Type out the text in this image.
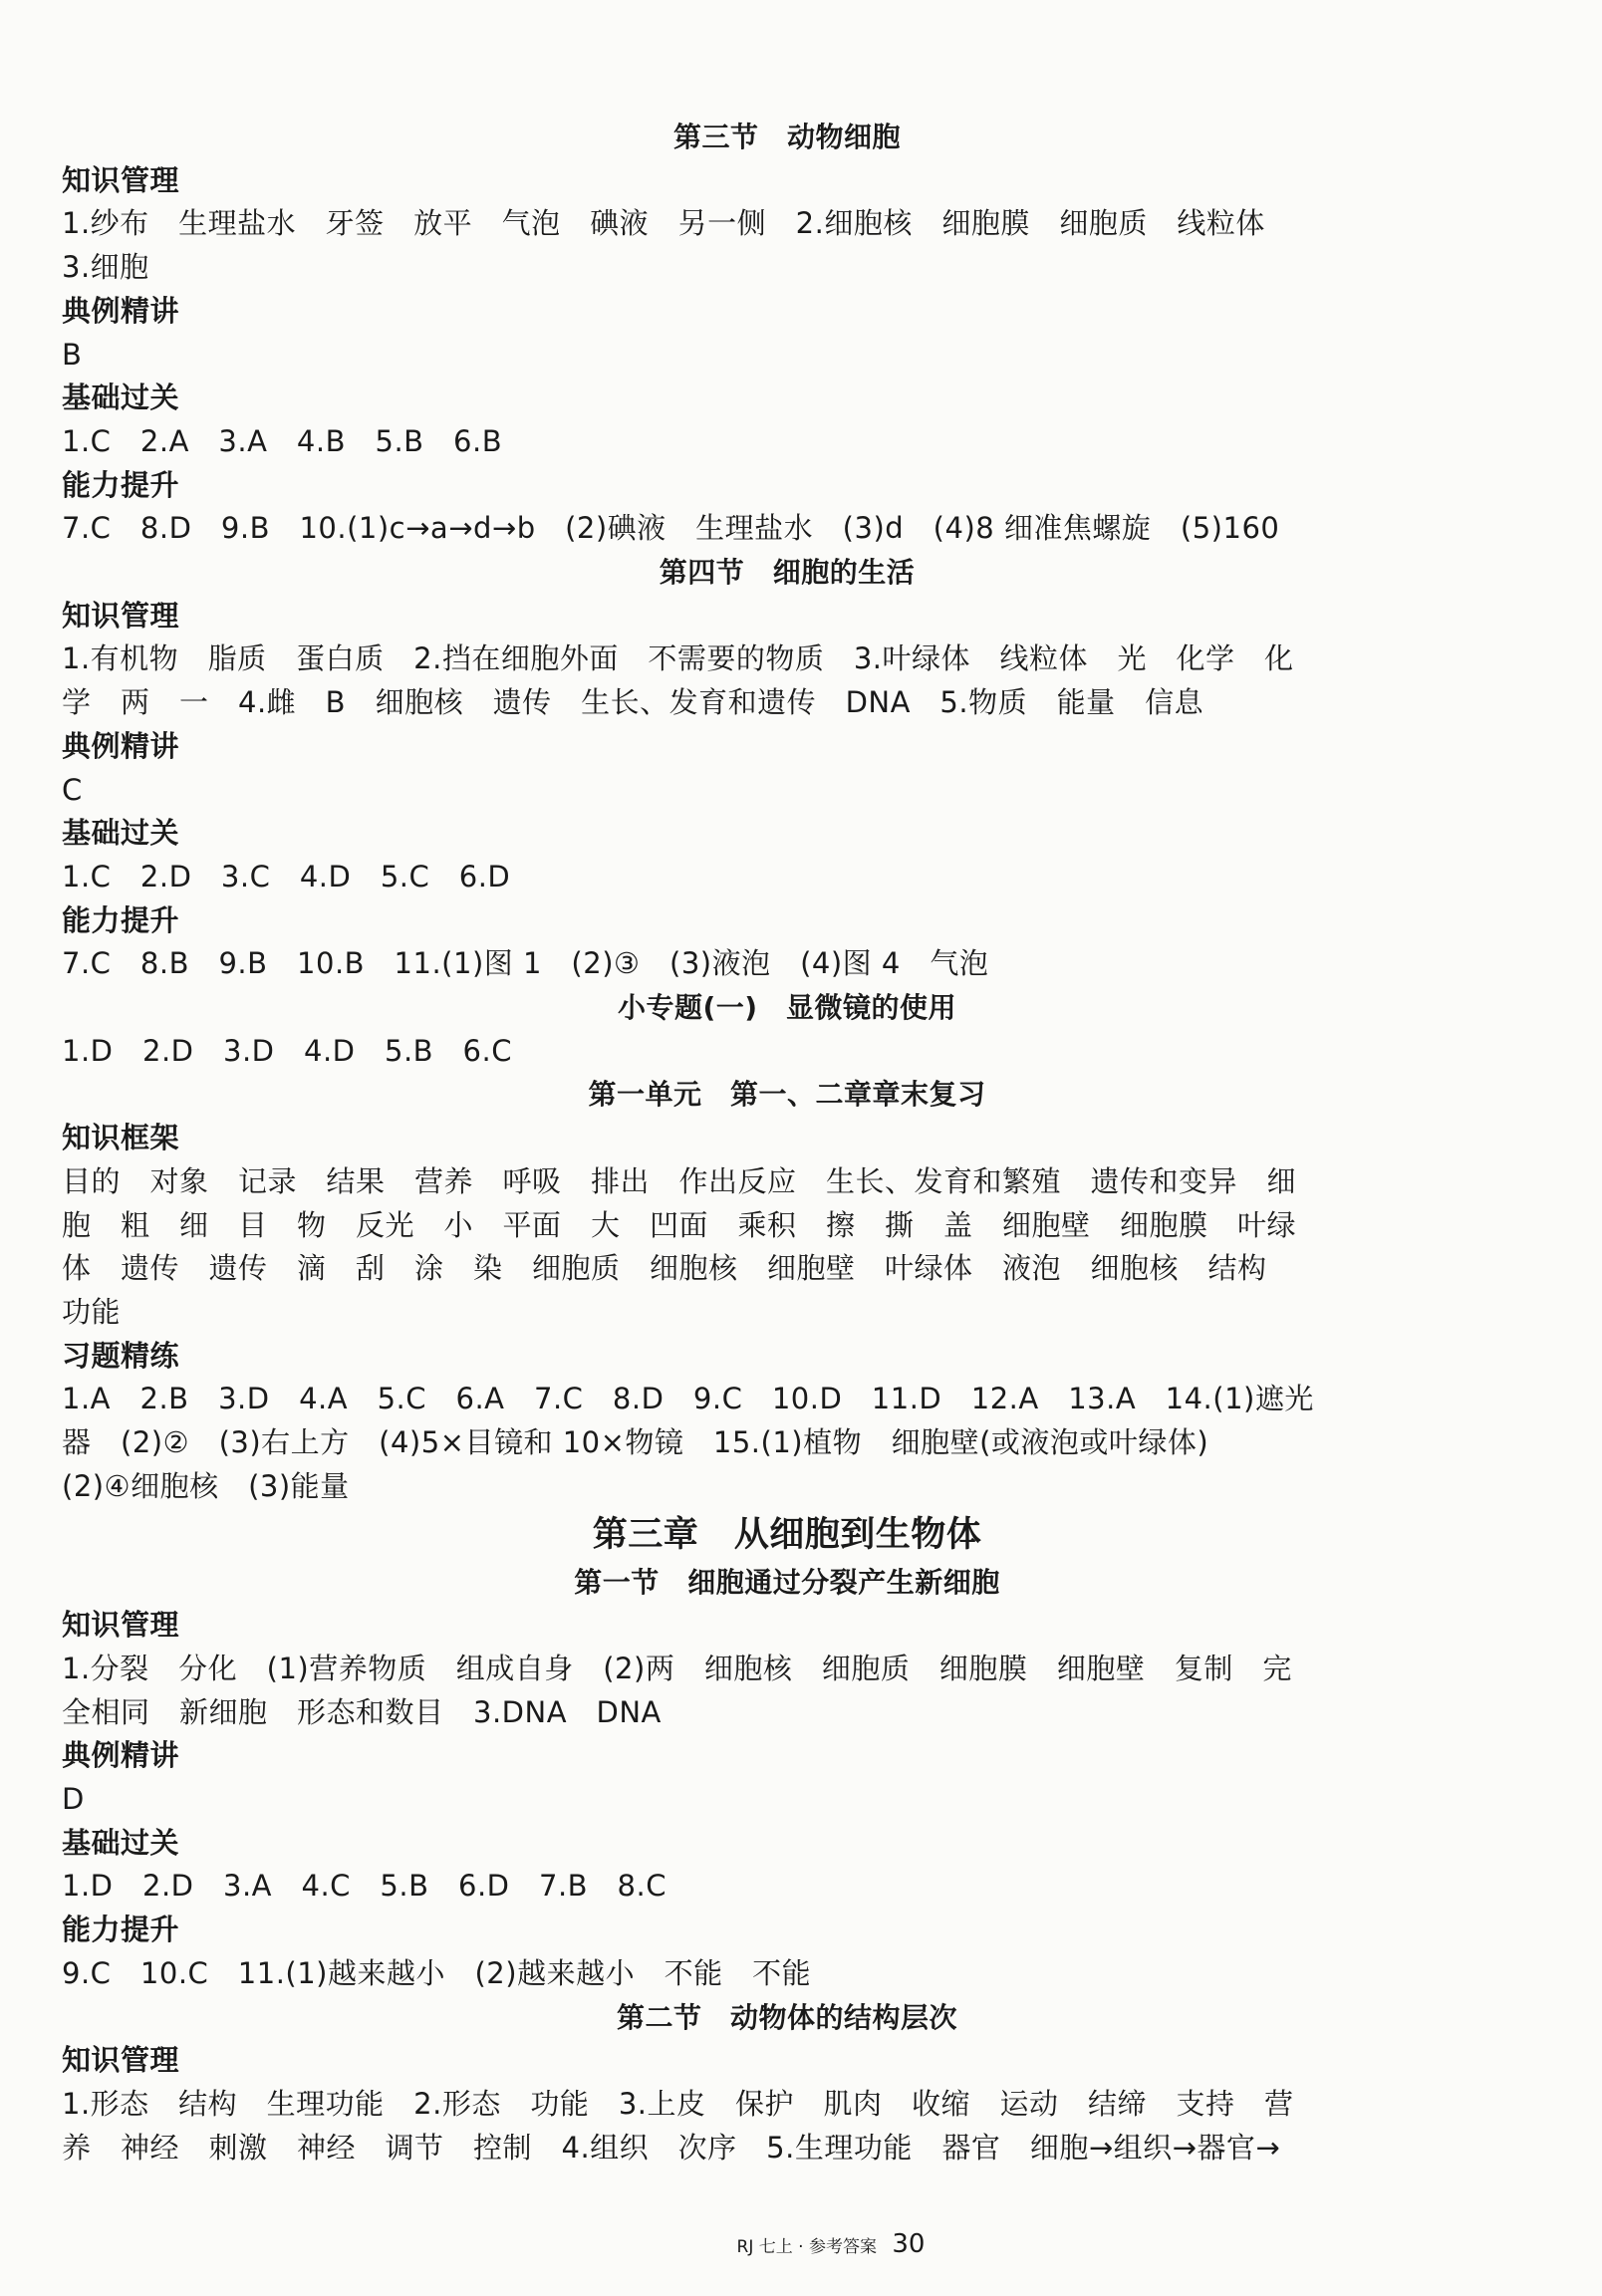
第三节　动物细胞
知识管理
1.纱布　生理盐水　牙签　放平　气泡　碘液　另一侧　2.细胞核　细胞膜　细胞质　线粒体
3.细胞
典例精讲
B
基础过关
1.C　2.A　3.A　4.B　5.B　6.B
能力提升
7.C　8.D　9.B　10.(1)c→a→d→b　(2)碘液　生理盐水　(3)d　(4)8 细准焦螺旋　(5)160
第四节　细胞的生活
知识管理
1.有机物　脂质　蛋白质　2.挡在细胞外面　不需要的物质　3.叶绿体　线粒体　光　化学　化
学　两　一　4.雌　B　细胞核　遗传　生长、发育和遗传　DNA　5.物质　能量　信息
典例精讲
C
基础过关
1.C　2.D　3.C　4.D　5.C　6.D
能力提升
7.C　8.B　9.B　10.B　11.(1)图 1　(2)③　(3)液泡　(4)图 4　气泡
小专题(一)　显微镜的使用
1.D　2.D　3.D　4.D　5.B　6.C
第一单元　第一、二章章末复习
知识框架
目的　对象　记录　结果　营养　呼吸　排出　作出反应　生长、发育和繁殖　遗传和变异　细
胞　粗　细　目　物　反光　小　平面　大　凹面　乘积　擦　撕　盖　细胞壁　细胞膜　叶绿
体　遗传　遗传　滴　刮　涂　染　细胞质　细胞核　细胞壁　叶绿体　液泡　细胞核　结构
功能
习题精练
1.A　2.B　3.D　4.A　5.C　6.A　7.C　8.D　9.C　10.D　11.D　12.A　13.A　14.(1)遮光
器　(2)②　(3)右上方　(4)5×目镜和 10×物镜　15.(1)植物　细胞壁(或液泡或叶绿体)
(2)④细胞核　(3)能量
第三章　从细胞到生物体
第一节　细胞通过分裂产生新细胞
知识管理
1.分裂　分化　(1)营养物质　组成自身　(2)两　细胞核　细胞质　细胞膜　细胞壁　复制　完
全相同　新细胞　形态和数目　3.DNA　DNA
典例精讲
D
基础过关
1.D　2.D　3.A　4.C　5.B　6.D　7.B　8.C
能力提升
9.C　10.C　11.(1)越来越小　(2)越来越小　不能　不能
第二节　动物体的结构层次
知识管理
1.形态　结构　生理功能　2.形态　功能　3.上皮　保护　肌肉　收缩　运动　结缔　支持　营
养　神经　刺激　神经　调节　控制　4.组织　次序　5.生理功能　器官　细胞→组织→器官→
RJ 七上 · 参考答案 30
